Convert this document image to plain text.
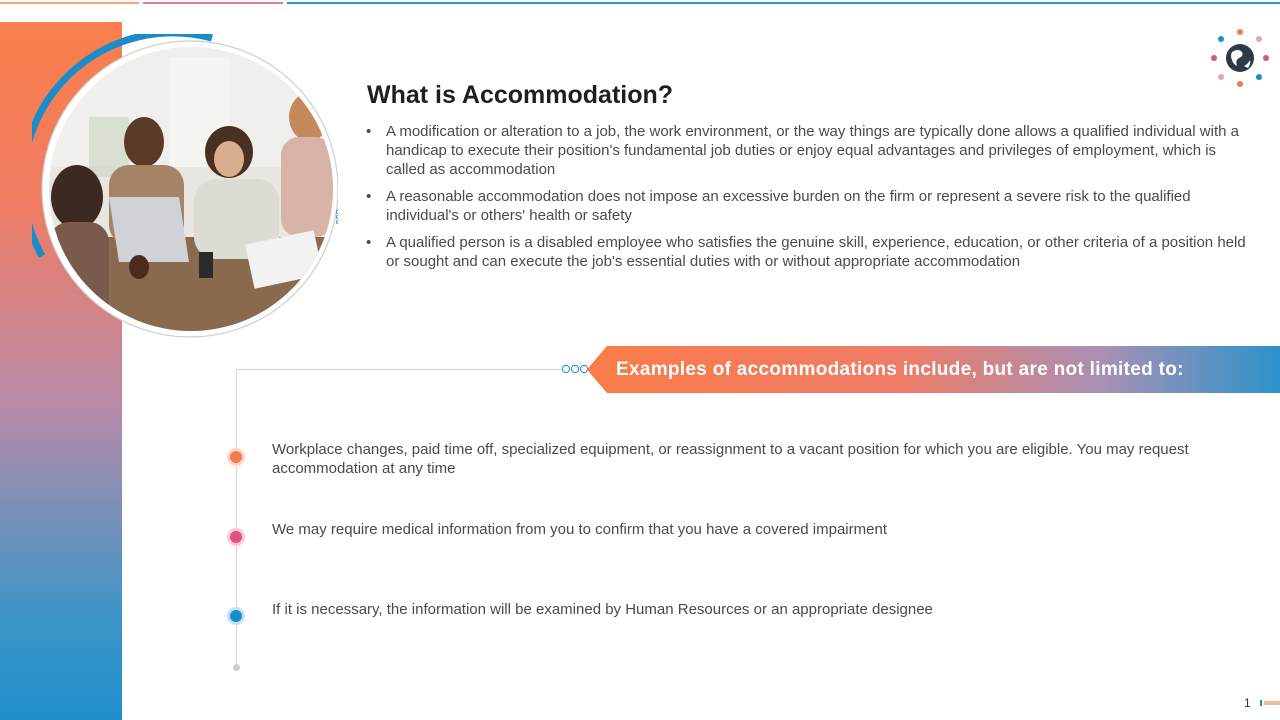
What is Accommodation?
• A modification or alteration to a job, the work environment, or the way things are typically done allows a qualified individual with a handicap to execute their position's fundamental job duties or enjoy equal advantages and privileges of employment, which is called as accommodation
• A reasonable accommodation does not impose an excessive burden on the firm or represent a severe risk to the qualified individual's or others' health or safety
• A qualified person is a disabled employee who satisfies the genuine skill, experience, education, or other criteria of a position held or sought and can execute the job's essential duties with or without appropriate accommodation
Examples of accommodations include, but are not limited to:

Workplace changes, paid time off, specialized equipment, or reassignment to a vacant position for which you are eligible. You may request accommodation at any time

We may require medical information from you to confirm that you have a covered impairment

If it is necessary, the information will be examined by Human Resources or an appropriate designee

1
